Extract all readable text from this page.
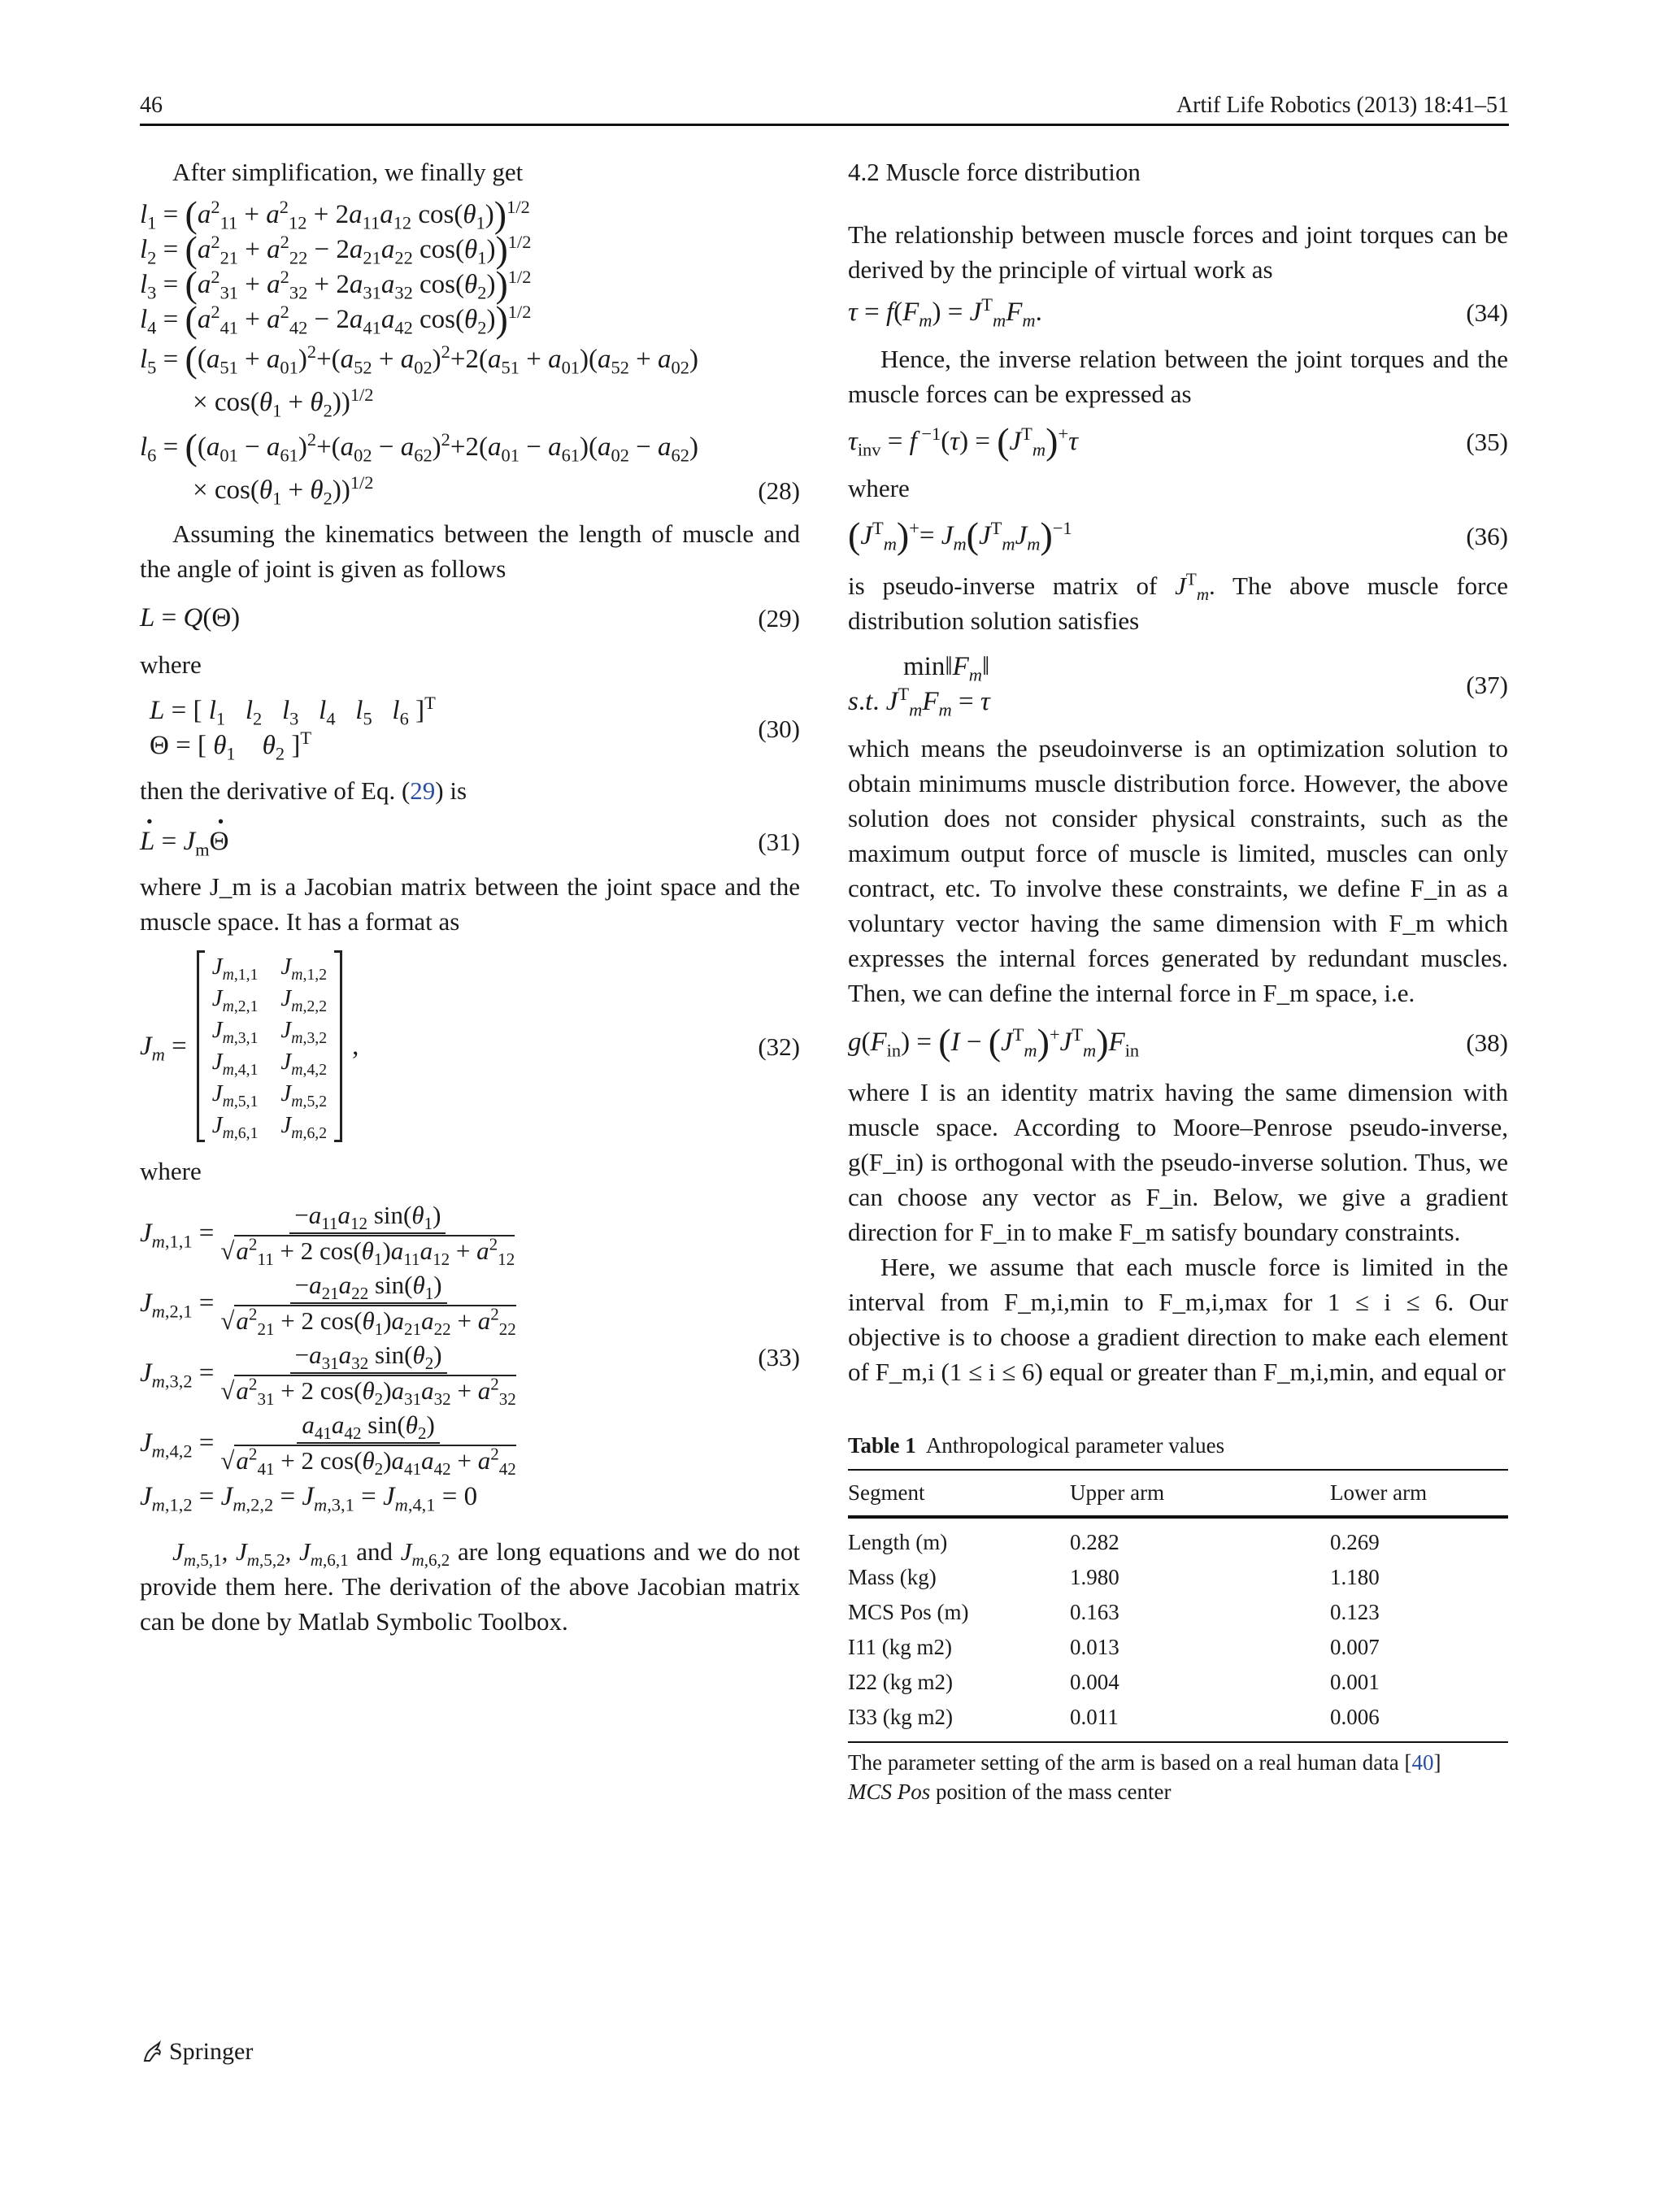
46	Artif Life Robotics (2013) 18:41–51

After simplification, we finally get

$l_1 = (a^2_{11} + a^2_{12} + 2a_{11}a_{12}$ $\cos(\theta_1))^{1/2}$
$l_2 = (a^2_{21} + a^2_{22} - 2a_{21}a_{22}$ $\cos(\theta_1))^{1/2}$
$l_3 = (a^2_{31} + a^2_{32} + 2a_{31}a_{32}$ $\cos(\theta_2))^{1/2}$
$l_4 = (a^2_{41} + a^2_{42} - 2a_{41}a_{42}$ $\cos(\theta_2))^{1/2}$
$l_5 = ((a_{51} + a_{01})^2+(a_{52} + a_{02})^2+2(a_{51} + a_{01})(a_{52} + a_{02})$
× $\cos(\theta_1 + \theta_2))^{1/2}$
$l_6 = ((a_{01} - a_{61})^2+(a_{02} - a_{62})^2+2(a_{01} - a_{61})(a_{02} - a_{62})$
× $\cos(\theta_1 + \theta_2))^{1/2}$	(28)

Assuming the kinematics between the length of muscle and the angle of joint is given as follows

L = Q(Θ)	(29)

where

L = [ $l_1$ $l_2$ $l_3$ $l_4$ $l_5$ $l_6$ ]$^T$
Θ = [ $\theta_1$ $\theta_2$ ]$^T$	(30)

then the derivative of Eq. (29) is

L · = $J_m\Theta$ ·	(31)

where J_m is a Jacobian matrix between the joint space and the muscle space. It has a format as

$J_m$ =
$J_{m,1,1}$ $J_{m,1,2}$
$J_{m,2,1}$ $J_{m,2,2}$
$J_{m,3,1}$ $J_{m,3,2}$
$J_{m,4,1}$ $J_{m,4,2}$
$J_{m,5,1}$ $J_{m,5,2}$
$J_{m,6,1}$ $J_{m,6,2}$
,	(32)

where

$J_{m,1,1} = \frac{-a_{11}a_{12} \sin(\theta_1)}{√a^2_{11} + 2 \cos(\theta_1)a_{11}a_{12} + a^2_{12}}$
$J_{m,2,1} = \frac{-a_{21}a_{22} \sin(\theta_1)}{√a^2_{21} + 2 \cos(\theta_1)a_{21}a_{22} + a^2_{22}}$
$J_{m,3,2} = \frac{-a_{31}a_{32} \sin(\theta_2)}{√a^2_{31} + 2 \cos(\theta_2)a_{31}a_{32} + a^2_{32}}$
$J_{m,4,2} = \frac{a_{41}a_{42} \sin(\theta_2)}{√a^2_{41} + 2 \cos(\theta_2)a_{41}a_{42} + a^2_{42}}$
$J_{m,1,2} = J_{m,2,2} = J_{m,3,1} = J_{m,4,1} = 0$
(33)

$J_{m,5,1}$, $J_{m,5,2}$, $J_{m,6,1}$ and $J_{m,6,2}$ are long equations and we do not provide them here. The derivation of the above Jacobian matrix can be done by Matlab Symbolic Toolbox.

4.2 Muscle force distribution

The relationship between muscle forces and joint torques can be derived by the principle of virtual work as

$\tau = f(F_m) = J^T_mF_m$.	(34)

Hence, the inverse relation between the joint torques and the muscle forces can be expressed as

$\tau_{inv} = f$ $^{-1}(\tau) = (J^T_m)^+\tau$	(35)

where

$(J^T_m)^+= J_m(J^T_mJ_m)^{-1}$	(36)

is pseudo-inverse matrix of $J^T_m$. The above muscle force distribution solution satisfies

$\min‖F_m‖$
s.t. $J^T_mF_m = \tau$
(37)

which means the pseudoinverse is an optimization solution to obtain minimums muscle distribution force. However, the above solution does not consider physical constraints, such as the maximum output force of muscle is limited, muscles can only contract, etc. To involve these constraints, we define F_in as a voluntary vector having the same dimension with F_m which expresses the internal forces generated by redundant muscles. Then, we can define the internal force in F_m space, i.e.

$g(F_{in}) = (I - (J^T_m)^+J^T_m)F_{in}$	(38)

where I is an identity matrix having the same dimension with muscle space. According to Moore–Penrose pseudo-inverse, g(F_in) is orthogonal with the pseudo-inverse solution. Thus, we can choose any vector as F_in. Below, we give a gradient direction for F_in to make F_m satisfy boundary constraints.

Here, we assume that each muscle force is limited in the interval from F_m,i,min to F_m,i,max for 1 ≤ i ≤ 6. Our objective is to choose a gradient direction to make each element of F_m,i (1 ≤ i ≤ 6) equal or greater than F_m,i,min, and equal or

Table 1 Anthropological parameter values
Segment	Upper arm	Lower arm
Length (m)	0.282	0.269
Mass (kg)	1.980	1.180
MCS Pos (m)	0.163	0.123
I11 (kg m2)	0.013	0.007
I22 (kg m2)	0.004	0.001
I33 (kg m2)	0.011	0.006
The parameter setting of the arm is based on a real human data [40]
MCS Pos position of the mass center
Springer
